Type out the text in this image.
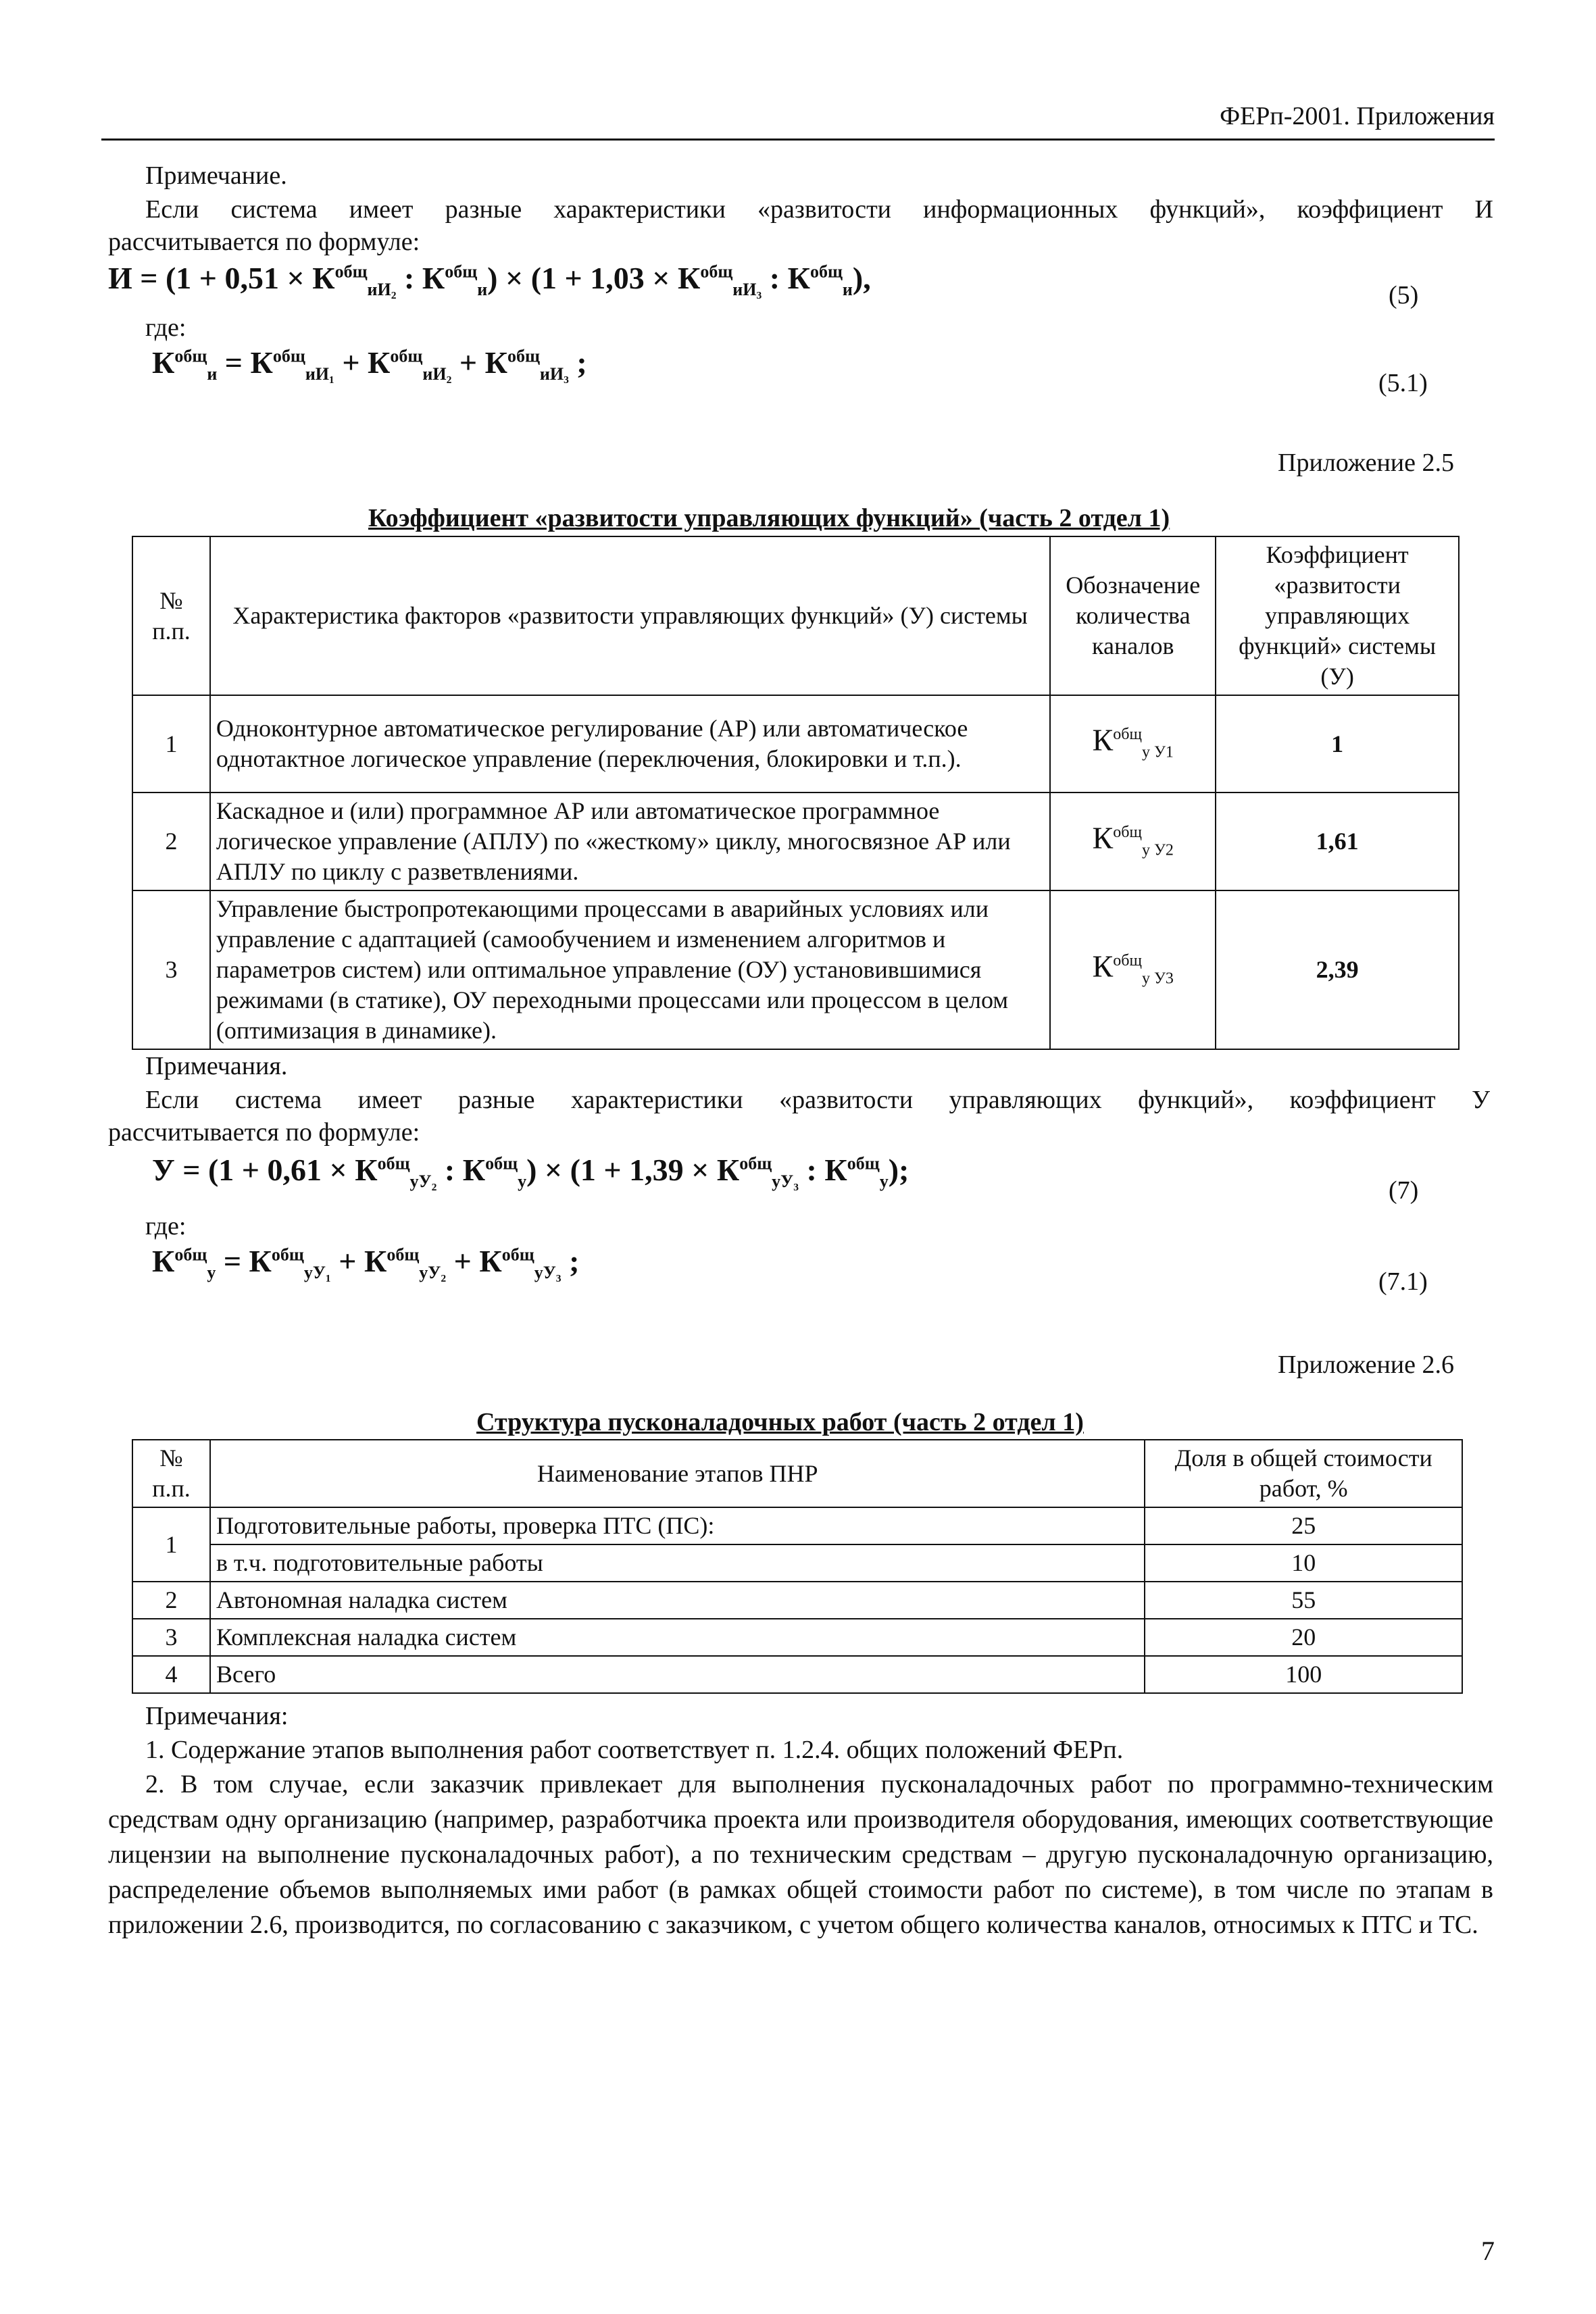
ФЕРп-2001. Приложения
Примечание.
Если система имеет разные характеристики «развитости информационных функций», коэффициент И
рассчитывается по формуле:
$И = (1 + 0,51 \times К^{общ}_{иИ_2}$ : $К^{общ}_и) \times (1 + 1,03 \times К^{общ}_{иИ_3}$ : $К^{общ}_и$),	(5)
где:
$К^{общ}_и = К^{общ}_{иИ_1} + К^{общ}_{иИ_2} + К^{общ}_{иИ_3}$ ;
(5.1)
Приложение 2.5
Коэффициент «развитости управляющих функций» (часть 2 отдел 1)
№ п.п.	Характеристика факторов «развитости управляющих функций» (У) системы	Обозначение количества каналов	Коэффициент «развитости управляющих функций» системы (У)
1	Одноконтурное автоматическое регулирование (АР) или автоматическое однотактное логическое управление (переключения, блокировки и т.п.).	$К^{общ}_{у У1}$	1
2	Каскадное и (или) программное АР или автоматическое программное логическое управление (АПЛУ) по «жесткому» циклу, многосвязное АР или АПЛУ по циклу с разветвлениями.	$К^{общ}_{у У2}$	1,61
3	Управление быстропротекающими процессами в аварийных условиях или управление с адаптацией (самообучением и изменением алгоритмов и параметров систем) или оптимальное управление (ОУ) установившимися режимами (в статике), ОУ переходными процессами или процессом в целом (оптимизация в динамике).	$К^{общ}_{у У3}$	2,39
Примечания.
Если система имеет разные характеристики «развитости управляющих функций», коэффициент У
рассчитывается по формуле:
$У = (1 + 0,61 \times К^{общ}_{уУ_2}$ : $К^{общ}_у) \times (1 + 1,39 \times К^{общ}_{уУ_3}$ : $К^{общ}_у$);
(7)
где:
$К^{общ}_у = К^{общ}_{уУ_1} + К^{общ}_{уУ_2} + К^{общ}_{уУ_3}$ ;
(7.1)
Приложение 2.6
Структура пусконаладочных работ (часть 2 отдел 1)
№ п.п.	Наименование этапов ПНР	Доля в общей стоимости работ, %
1	Подготовительные работы, проверка ПТС (ПС):	25
	в т.ч. подготовительные работы	10
2	Автономная наладка систем	55
3	Комплексная наладка систем	20
4	Всего	100
Примечания:
1. Содержание этапов выполнения работ соответствует п. 1.2.4. общих положений ФЕРп.
2. В том случае, если заказчик привлекает для выполнения пусконаладочных работ по программно-техническим средствам одну организацию (например, разработчика проекта или производителя оборудования, имеющих соответствующие лицензии на выполнение пусконаладочных работ), а по техническим средствам – другую пусконаладочную организацию, распределение объемов выполняемых ими работ (в рамках общей стоимости работ по системе), в том числе по этапам в приложении 2.6, производится, по согласованию с заказчиком, с учетом общего количества каналов, относимых к ПТС и ТС.
7
